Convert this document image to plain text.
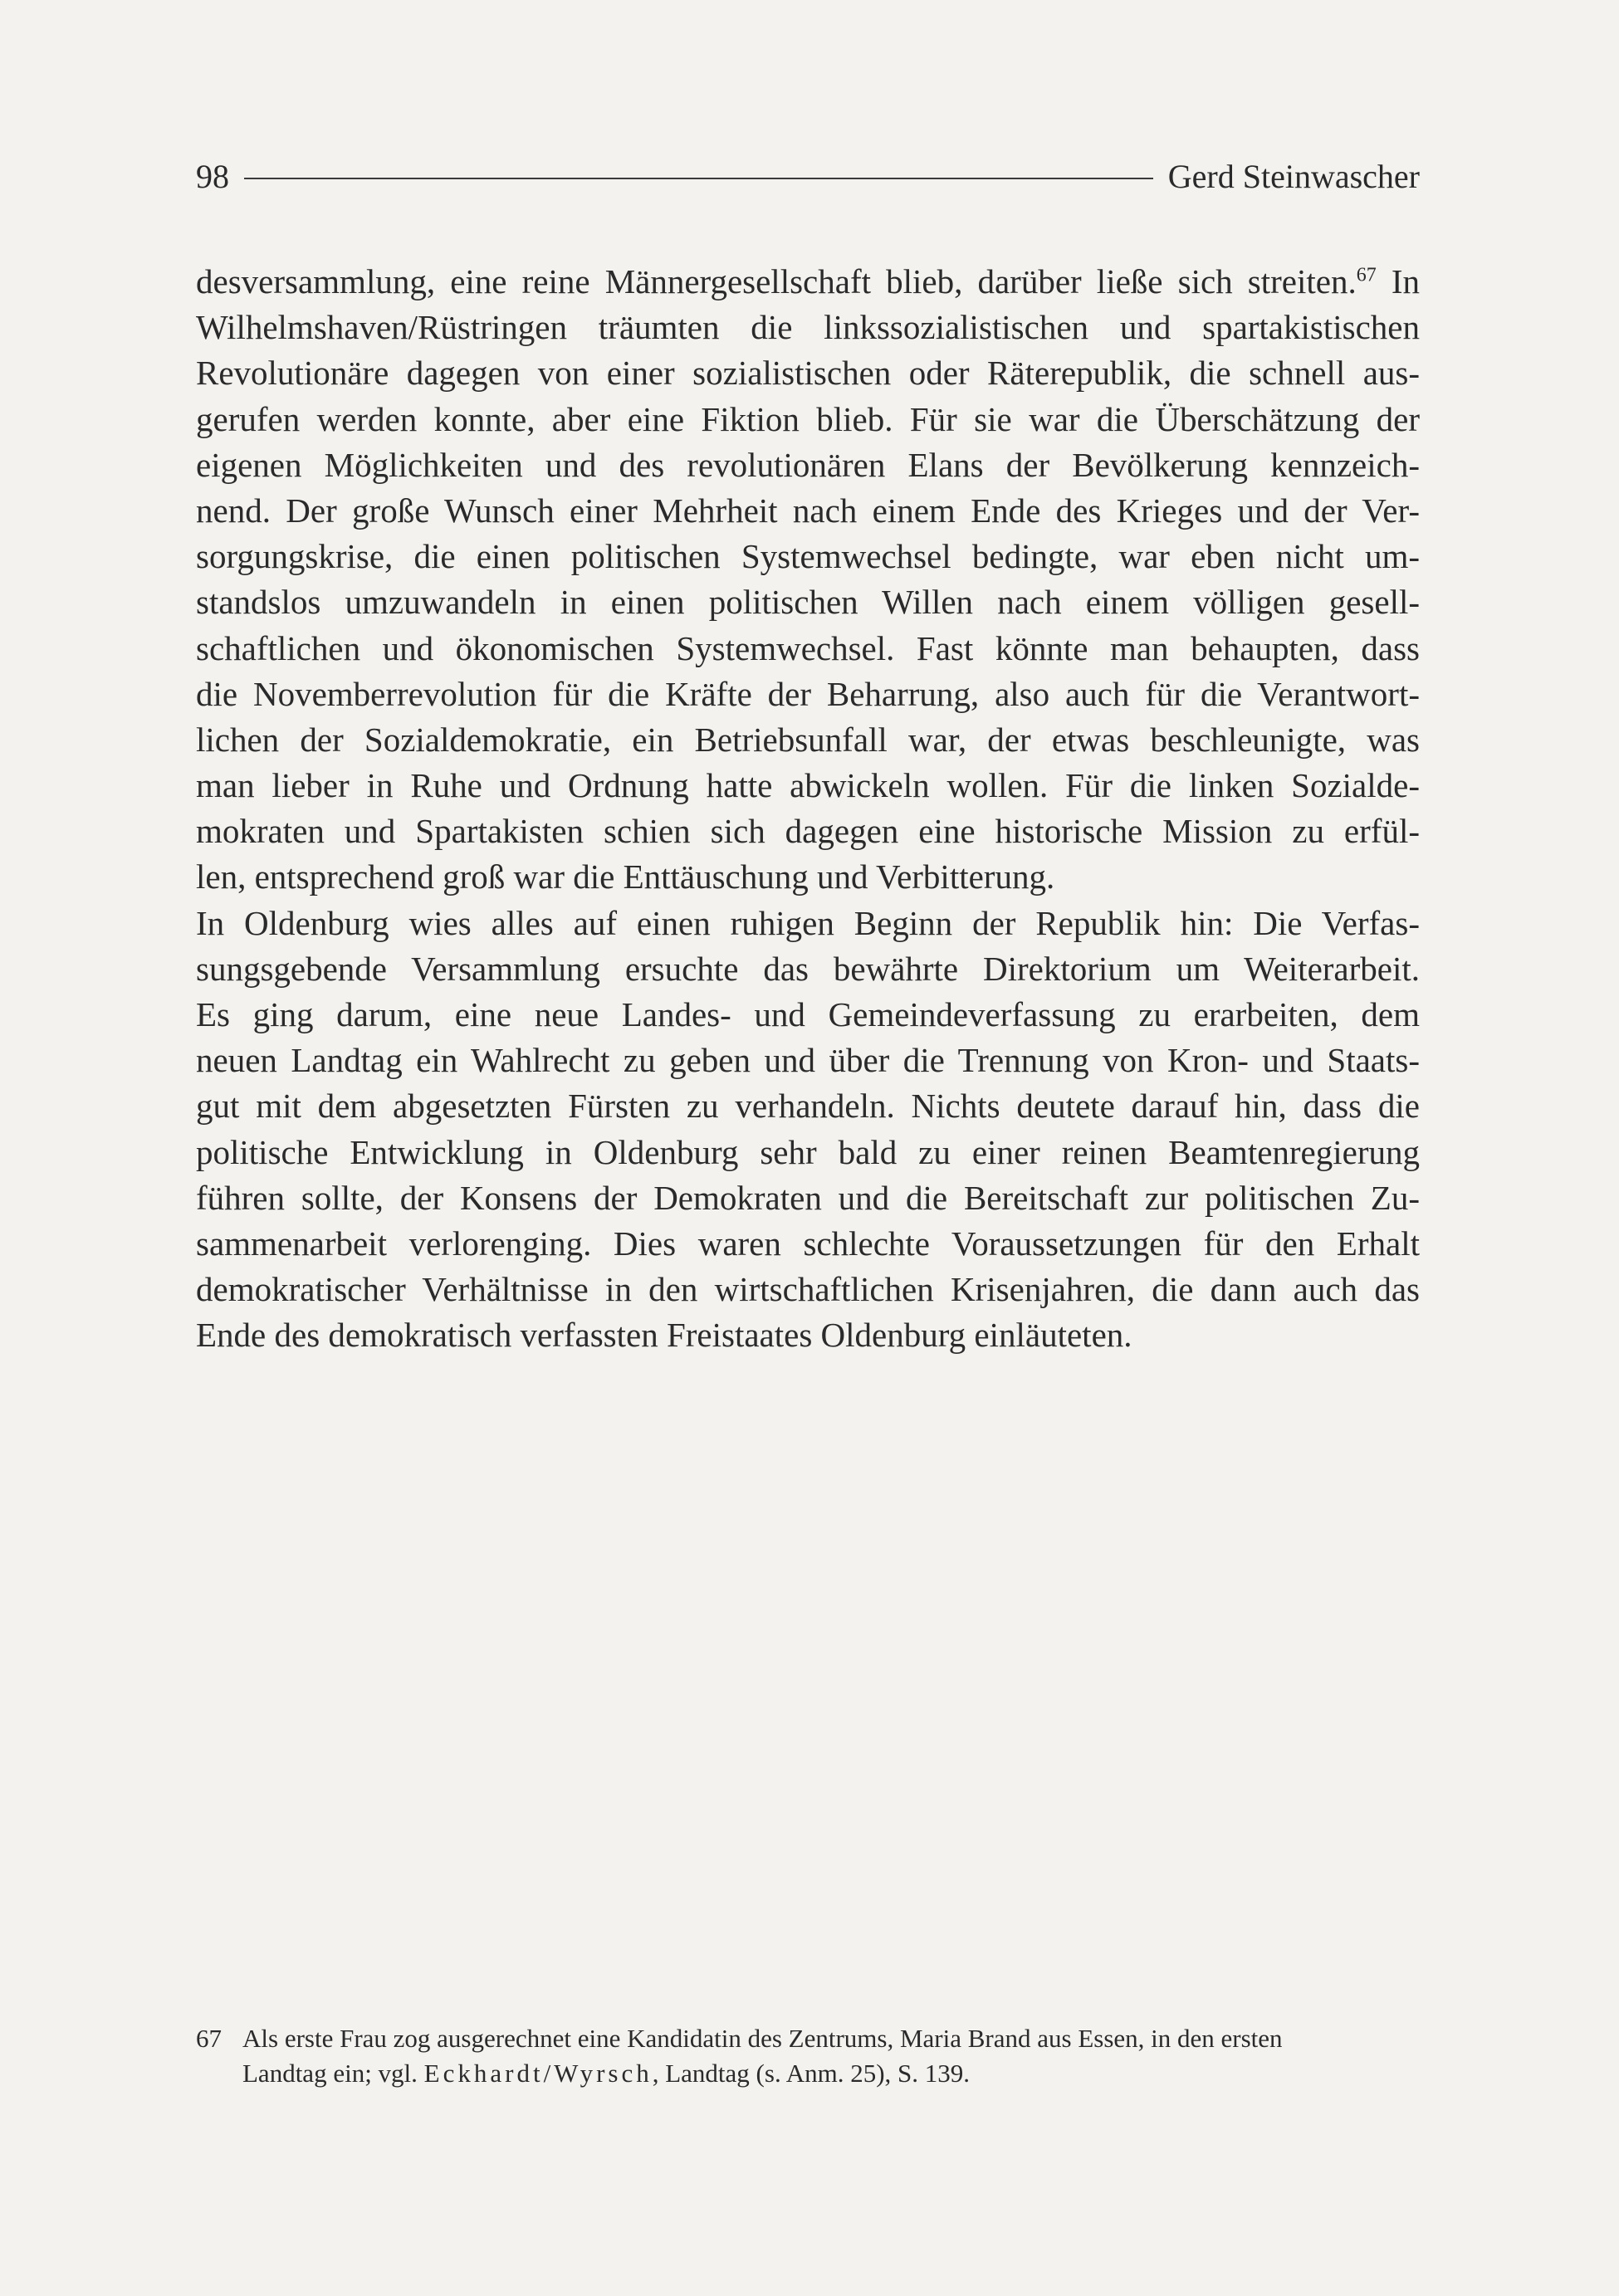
98	Gerd Steinwascher
desversammlung, eine reine Männergesellschaft blieb, darüber ließe sich streiten.$^{67}$ In
Wilhelmshaven/Rüstringen träumten die linkssozialistischen und spartakistischen
Revolutionäre dagegen von einer sozialistischen oder Räterepublik, die schnell aus-
gerufen werden konnte, aber eine Fiktion blieb. Für sie war die Überschätzung der
eigenen Möglichkeiten und des revolutionären Elans der Bevölkerung kennzeich-
nend. Der große Wunsch einer Mehrheit nach einem Ende des Krieges und der Ver-
sorgungskrise, die einen politischen Systemwechsel bedingte, war eben nicht um-
standslos umzuwandeln in einen politischen Willen nach einem völligen gesell-
schaftlichen und ökonomischen Systemwechsel. Fast könnte man behaupten, dass
die Novemberrevolution für die Kräfte der Beharrung, also auch für die Verantwort-
lichen der Sozialdemokratie, ein Betriebsunfall war, der etwas beschleunigte, was
man lieber in Ruhe und Ordnung hatte abwickeln wollen. Für die linken Sozialde-
mokraten und Spartakisten schien sich dagegen eine historische Mission zu erfül-
len, entsprechend groß war die Enttäuschung und Verbitterung.
In Oldenburg wies alles auf einen ruhigen Beginn der Republik hin: Die Verfas-
sungsgebende Versammlung ersuchte das bewährte Direktorium um Weiterarbeit.
Es ging darum, eine neue Landes- und Gemeindeverfassung zu erarbeiten, dem
neuen Landtag ein Wahlrecht zu geben und über die Trennung von Kron- und Staats-
gut mit dem abgesetzten Fürsten zu verhandeln. Nichts deutete darauf hin, dass die
politische Entwicklung in Oldenburg sehr bald zu einer reinen Beamtenregierung
führen sollte, der Konsens der Demokraten und die Bereitschaft zur politischen Zu-
sammenarbeit verlorenging. Dies waren schlechte Voraussetzungen für den Erhalt
demokratischer Verhältnisse in den wirtschaftlichen Krisenjahren, die dann auch das
Ende des demokratisch verfassten Freistaates Oldenburg einläuteten.
67 Als erste Frau zog ausgerechnet eine Kandidatin des Zentrums, Maria Brand aus Essen, in den ersten
Landtag ein; vgl. Eckhardt/Wyrsch, Landtag (s. Anm. 25), S. 139.
